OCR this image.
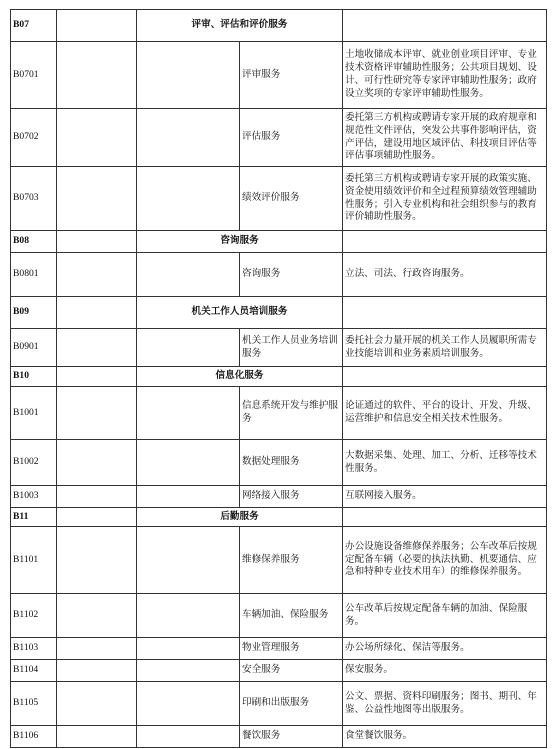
B07		评审、评估和评价服务		
B0701			评审服务	土地收储成本评审、就业创业项目评审、专业技术资格评审辅助性服务；公共项目规划、设计、可行性研究等专家评审辅助性服务；政府设立奖项的专家评审辅助性服务。
B0702			评估服务	委托第三方机构或聘请专家开展的政府规章和规范性文件评估，突发公共事件影响评估，资产评估，建设用地区域评估、科技项目评估等评估事项辅助性服务。
B0703			绩效评价服务	委托第三方机构或聘请专家开展的政策实施、资金使用绩效评价和全过程预算绩效管理辅助性服务；引入专业机构和社会组织参与的教育评价辅助性服务。
B08		咨询服务		
B0801			咨询服务	立法、司法、行政咨询服务。
B09		机关工作人员培训服务		
B0901			机关工作人员业务培训服务	委托社会力量开展的机关工作人员履职所需专业技能培训和业务素质培训服务。
B10		信息化服务		
B1001			信息系统开发与维护服务	论证通过的软件、平台的设计、开发、升级、运营维护和信息安全相关技术性服务。
B1002			数据处理服务	大数据采集、处理、加工、分析、迁移等技术性服务。
B1003			网络接入服务	互联网接入服务。
B11		后勤服务		
B1101			维修保养服务	办公设施设备维修保养服务；公车改革后按规定配备车辆（必要的执法执勤、机要通信、应急和特种专业技术用车）的维修保养服务。
B1102			车辆加油、保险服务	公车改革后按规定配备车辆的加油、保险服务。
B1103			物业管理服务	办公场所绿化、保洁等服务。
B1104			安全服务	保安服务。
B1105			印刷和出版服务	公文、票据、资料印刷服务；图书、期刊、年鉴、公益性地图等出版服务。
B1106			餐饮服务	食堂餐饮服务。
